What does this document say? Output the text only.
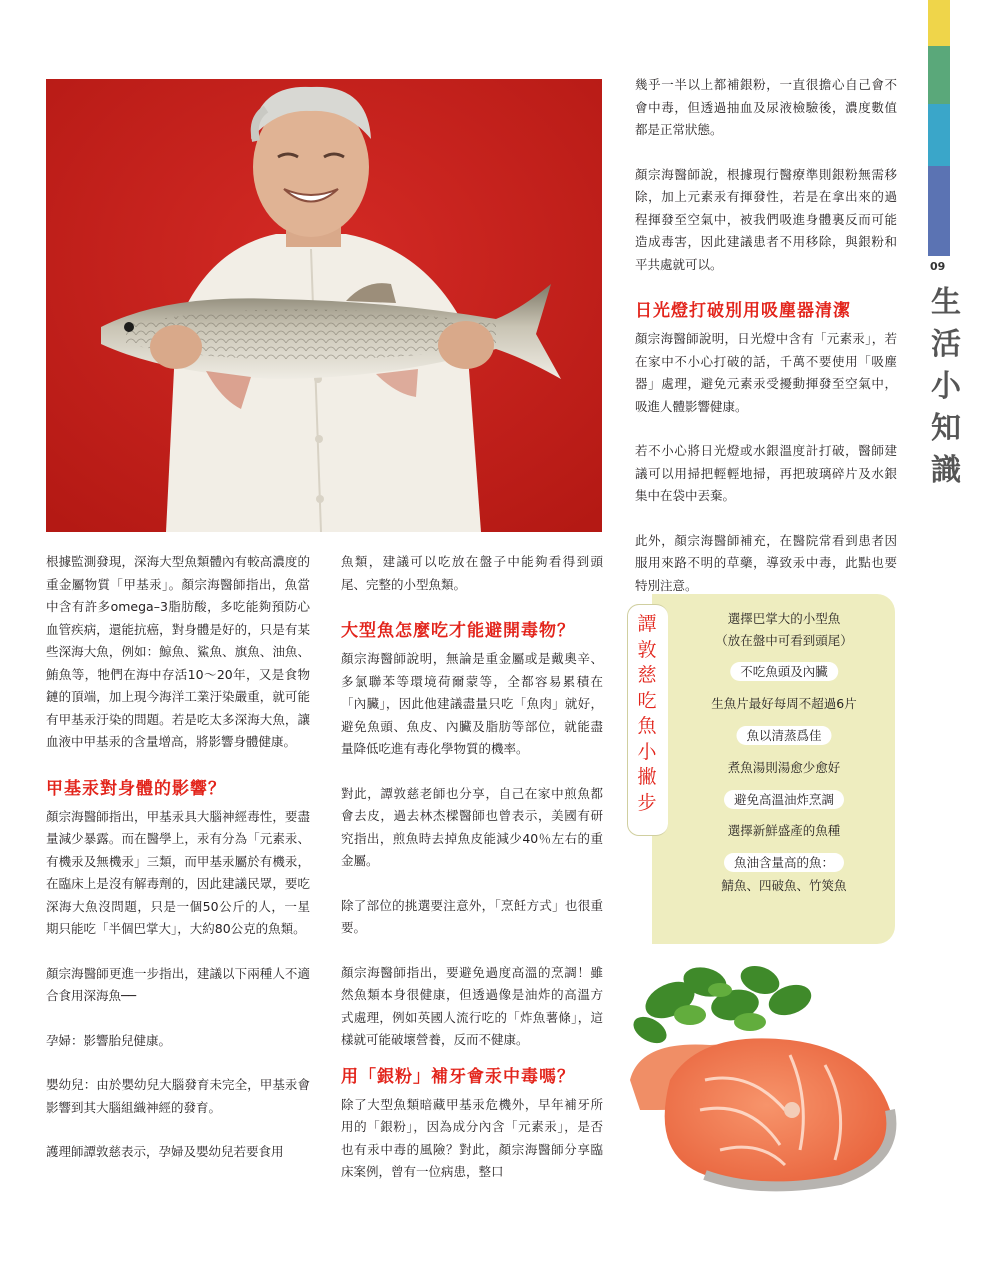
根據監測發現，深海大型魚類體內有較高濃度的重金屬物質「甲基汞」。顏宗海醫師指出，魚當中含有許多omega–3脂肪酸，多吃能夠預防心血管疾病，還能抗癌，對身體是好的，只是有某些深海大魚，例如：鯨魚、鯊魚、旗魚、油魚、鮪魚等，牠們在海中存活10～20年，又是食物鏈的頂端，加上現今海洋工業汙染嚴重，就可能有甲基汞汙染的問題。若是吃太多深海大魚，讓血液中甲基汞的含量增高，將影響身體健康。

甲基汞對身體的影響？

顏宗海醫師指出，甲基汞具大腦神經毒性，要盡量減少暴露。而在醫學上，汞有分為「元素汞、有機汞及無機汞」三類，而甲基汞屬於有機汞，在臨床上是沒有解毒劑的，因此建議民眾，要吃深海大魚沒問題，只是一個50公斤的人，一星期只能吃「半個巴掌大」，大約80公克的魚類。

顏宗海醫師更進一步指出，建議以下兩種人不適合食用深海魚──

孕婦：影響胎兒健康。

嬰幼兒：由於嬰幼兒大腦發育未完全，甲基汞會影響到其大腦組織神經的發育。

護理師譚敦慈表示，孕婦及嬰幼兒若要食用

魚類，建議可以吃放在盤子中能夠看得到頭尾、完整的小型魚類。

大型魚怎麼吃才能避開毒物？

顏宗海醫師說明，無論是重金屬或是戴奧辛、多氯聯苯等環境荷爾蒙等，全都容易累積在「內臟」，因此他建議盡量只吃「魚肉」就好，避免魚頭、魚皮、內臟及脂肪等部位，就能盡量降低吃進有毒化學物質的機率。

對此，譚敦慈老師也分享，自己在家中煎魚都會去皮，過去林杰樑醫師也曾表示，美國有研究指出，煎魚時去掉魚皮能減少40％左右的重金屬。

除了部位的挑選要注意外，「烹飪方式」也很重要。

顏宗海醫師指出，要避免過度高溫的烹調！雖然魚類本身很健康，但透過像是油炸的高溫方式處理，例如英國人流行吃的「炸魚薯條」，這樣就可能破壞營養，反而不健康。

用「銀粉」補牙會汞中毒嗎？

除了大型魚類暗藏甲基汞危機外，早年補牙所用的「銀粉」，因為成分內含「元素汞」，是否也有汞中毒的風險？對此，顏宗海醫師分享臨床案例，曾有一位病患，整口

幾乎一半以上都補銀粉，一直很擔心自己會不會中毒，但透過抽血及尿液檢驗後，濃度數值都是正常狀態。

顏宗海醫師說，根據現行醫療準則銀粉無需移除，加上元素汞有揮發性，若是在拿出來的過程揮發至空氣中，被我們吸進身體裏反而可能造成毒害，因此建議患者不用移除，與銀粉和平共處就可以。

日光燈打破別用吸塵器清潔

顏宗海醫師說明，日光燈中含有「元素汞」，若在家中不小心打破的話，千萬不要使用「吸塵器」處理，避免元素汞受擾動揮發至空氣中，吸進人體影響健康。

若不小心將日光燈或水銀溫度計打破，醫師建議可以用掃把輕輕地掃，再把玻璃碎片及水銀集中在袋中丟棄。

此外，顏宗海醫師補充，在醫院常看到患者因服用來路不明的草藥，導致汞中毒，此點也要特別注意。

09
生
活
小
知
識
譚
敦
慈
吃
魚
小
撇
步
選擇巴掌大的小型魚
（放在盤中可看到頭尾）
不吃魚頭及內臟
生魚片最好每周不超過6片
魚以清蒸爲佳
煮魚湯則湯愈少愈好
避免高溫油炸烹調
選擇新鮮盛產的魚種
魚油含量高的魚：
鯖魚、四破魚、竹筴魚
